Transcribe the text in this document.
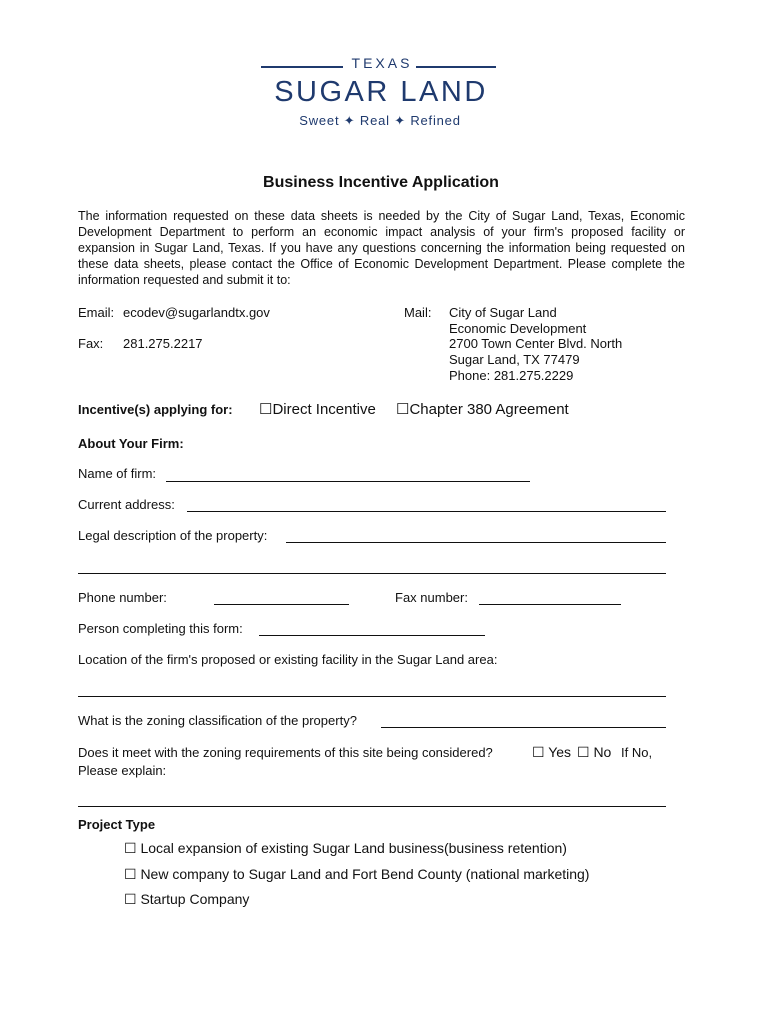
TEXAS
SUGAR LAND
Sweet ✦ Real ✦ Refined
Business Incentive Application
The information requested on these data sheets is needed by the City of Sugar Land, Texas, Economic Development Department to perform an economic impact analysis of your firm's proposed facility or expansion in Sugar Land, Texas. If you have any questions concerning the information being requested on these data sheets, please contact the Office of Economic Development Department. Please complete the information requested and submit it to:
Email: ecodev@sugarlandtx.gov
Fax: 281.275.2217
Mail: City of Sugar Land
Economic Development
2700 Town Center Blvd. North
Sugar Land, TX 77479
Phone: 281.275.2229
Incentive(s) applying for: ☐Direct Incentive ☐Chapter 380 Agreement
About Your Firm:
Name of firm:
Current address:
Legal description of the property:
Phone number:	Fax number:
Person completing this form:
Location of the firm's proposed or existing facility in the Sugar Land area:
What is the zoning classification of the property?
Does it meet with the zoning requirements of this site being considered?	☐ Yes ☐ No If No,
Please explain:
Project Type
☐ Local expansion of existing Sugar Land business(business retention)
☐ New company to Sugar Land and Fort Bend County (national marketing)
☐ Startup Company
